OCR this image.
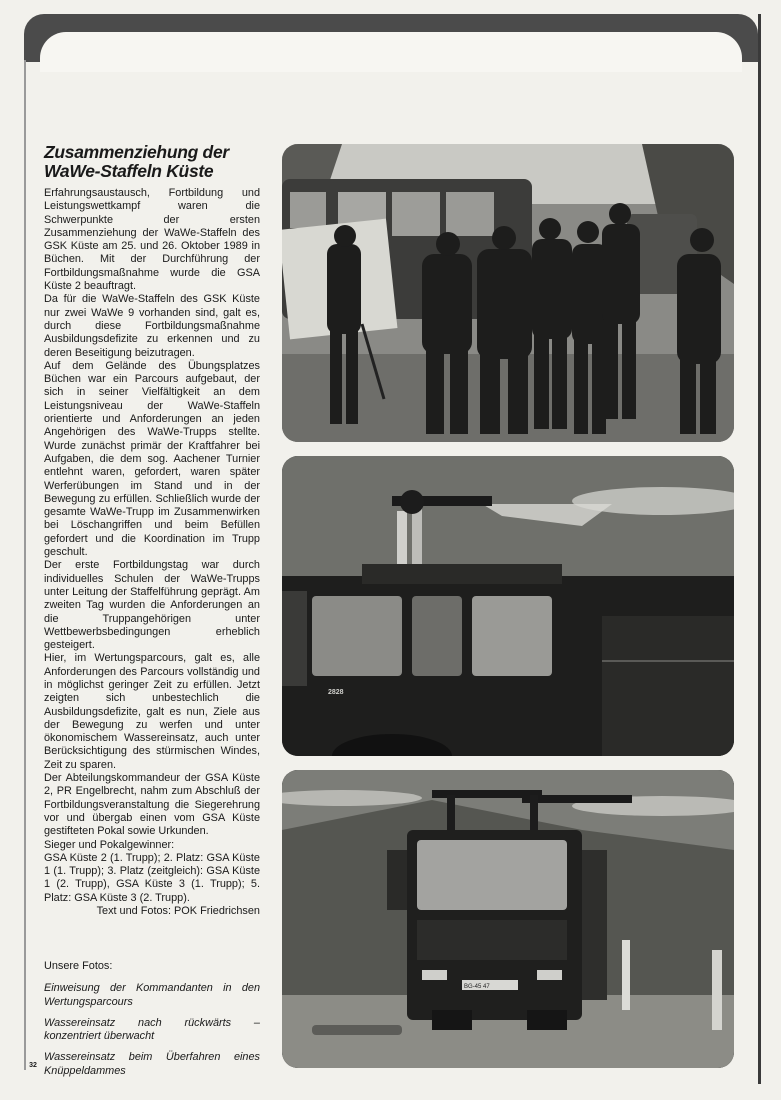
Zusammenziehung der WaWe-Staffeln Küste

Erfahrungsaustausch, Fortbildung und Leistungswettkampf waren die Schwerpunkte der ersten Zusammenziehung der WaWe-Staffeln des GSK Küste am 25. und 26. Oktober 1989 in Büchen. Mit der Durchführung der Fortbildungsmaßnahme wurde die GSA Küste 2 beauftragt.

Da für die WaWe-Staffeln des GSK Küste nur zwei WaWe 9 vorhanden sind, galt es, durch diese Fortbildungsmaßnahme Ausbildungsdefizite zu erkennen und zu deren Beseitigung beizutragen.

Auf dem Gelände des Übungsplatzes Büchen war ein Parcours aufgebaut, der sich in seiner Vielfältigkeit an dem Leistungsniveau der WaWe-Staffeln orientierte und Anforderungen an jeden Angehörigen des WaWe-Trupps stellte. Wurde zunächst primär der Kraftfahrer bei Aufgaben, die dem sog. Aachener Turnier entlehnt waren, gefordert, waren später Werferübungen im Stand und in der Bewegung zu erfüllen. Schließlich wurde der gesamte WaWe-Trupp im Zusammenwirken bei Löschangriffen und beim Befüllen gefordert und die Koordination im Trupp geschult.

Der erste Fortbildungstag war durch individuelles Schulen der WaWe-Trupps unter Leitung der Staffelführung geprägt. Am zweiten Tag wurden die Anforderungen an die Truppangehörigen unter Wettbewerbsbedingungen erheblich gesteigert.

Hier, im Wertungsparcours, galt es, alle Anforderungen des Parcours vollständig und in möglichst geringer Zeit zu erfüllen. Jetzt zeigten sich unbestechlich die Ausbildungsdefizite, galt es nun, Ziele aus der Bewegung zu werfen und unter ökonomischem Wassereinsatz, auch unter Berücksichtigung des stürmischen Windes, Zeit zu sparen.

Der Abteilungskommandeur der GSA Küste 2, PR Engelbrecht, nahm zum Abschluß der Fortbildungsveranstaltung die Siegerehrung vor und übergab einen vom GSA Küste gestifteten Pokal sowie Urkunden.

Sieger und Pokalgewinner:

GSA Küste 2 (1. Trupp); 2. Platz: GSA Küste 1 (1. Trupp); 3. Platz (zeitgleich): GSA Küste 1 (2. Trupp), GSA Küste 3 (1. Trupp); 5. Platz: GSA Küste 3 (2. Trupp).

Text und Fotos: POK Friedrichsen

Unsere Fotos:
Einweisung der Kommandanten in den Wertungsparcours
Wassereinsatz nach rückwärts – konzentriert überwacht
Wassereinsatz beim Überfahren eines Knüppeldammes
32
2828
BG-45 47
